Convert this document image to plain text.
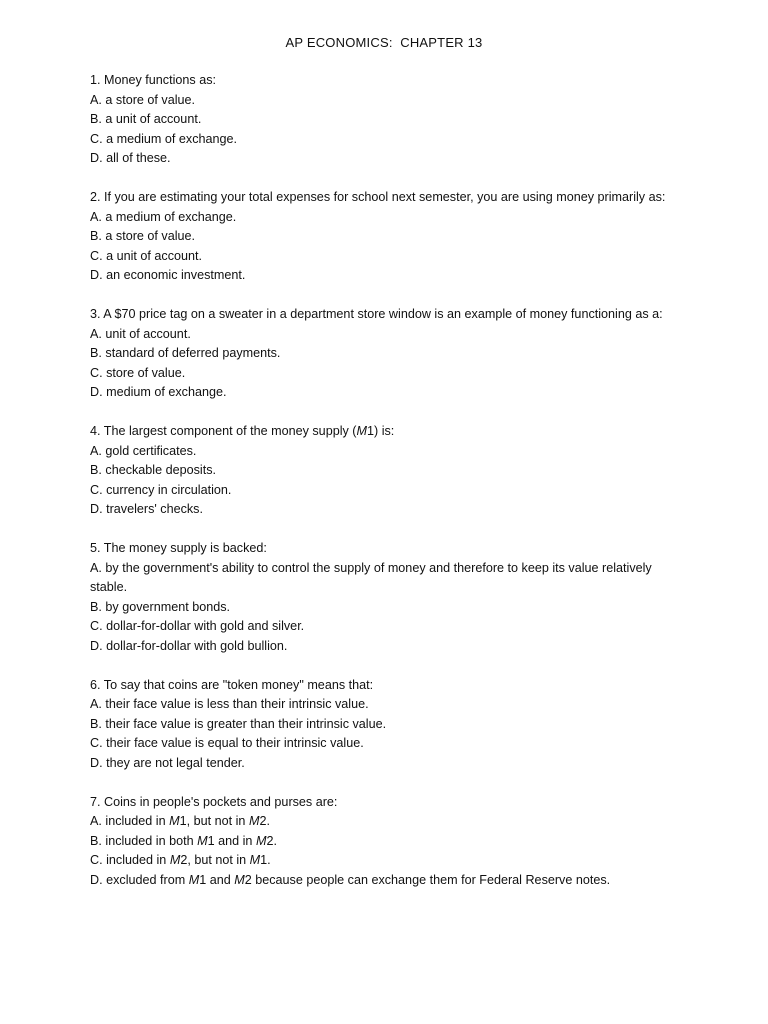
AP ECONOMICS:  CHAPTER 13
1. Money functions as:
A. a store of value.
B. a unit of account.
C. a medium of exchange.
D. all of these.
2. If you are estimating your total expenses for school next semester, you are using money primarily as:
A. a medium of exchange.
B. a store of value.
C. a unit of account.
D. an economic investment.
3. A $70 price tag on a sweater in a department store window is an example of money functioning as a:
A. unit of account.
B. standard of deferred payments.
C. store of value.
D. medium of exchange.
4. The largest component of the money supply (M1) is:
A. gold certificates.
B. checkable deposits.
C. currency in circulation.
D. travelers' checks.
5. The money supply is backed:
A. by the government's ability to control the supply of money and therefore to keep its value relatively stable.
B. by government bonds.
C. dollar-for-dollar with gold and silver.
D. dollar-for-dollar with gold bullion.
6. To say that coins are "token money" means that:
A. their face value is less than their intrinsic value.
B. their face value is greater than their intrinsic value.
C. their face value is equal to their intrinsic value.
D. they are not legal tender.
7. Coins in people's pockets and purses are:
A. included in M1, but not in M2.
B. included in both M1 and in M2.
C. included in M2, but not in M1.
D. excluded from M1 and M2 because people can exchange them for Federal Reserve notes.
